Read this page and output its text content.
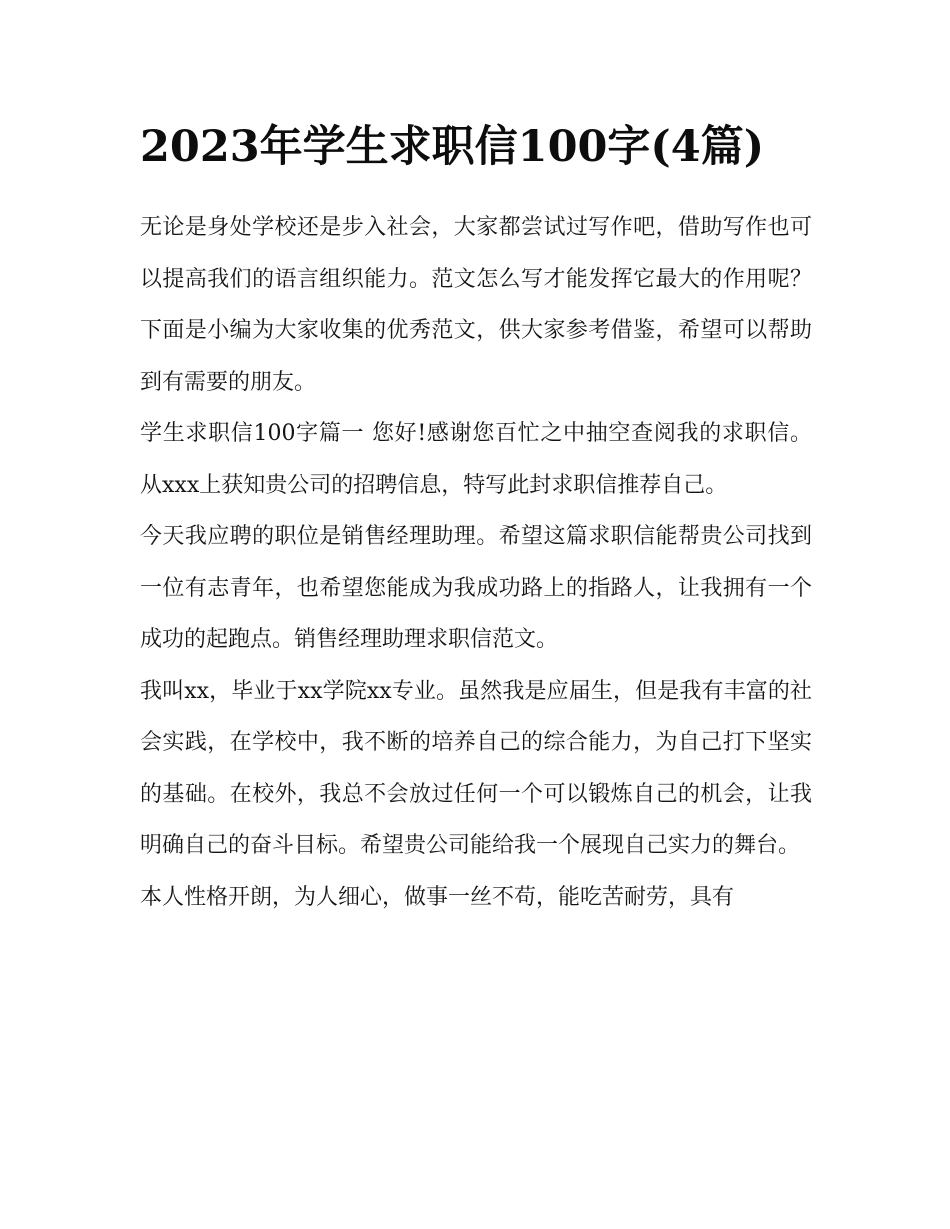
2023年学生求职信100字(4篇)

无论是身处学校还是步入社会，大家都尝试过写作吧，借助写作也可以提高我们的语言组织能力。范文怎么写才能发挥它最大的作用呢？下面是小编为大家收集的优秀范文，供大家参考借鉴，希望可以帮助到有需要的朋友。

学生求职信100字篇一 您好!感谢您百忙之中抽空查阅我的求职信。从xxx上获知贵公司的招聘信息，特写此封求职信推荐自己。

今天我应聘的职位是销售经理助理。希望这篇求职信能帮贵公司找到一位有志青年，也希望您能成为我成功路上的指路人，让我拥有一个成功的起跑点。销售经理助理求职信范文。

我叫xx，毕业于xx学院xx专业。虽然我是应届生，但是我有丰富的社会实践，在学校中，我不断的培养自己的综合能力，为自己打下坚实的基础。在校外，我总不会放过任何一个可以锻炼自己的机会，让我明确自己的奋斗目标。希望贵公司能给我一个展现自己实力的舞台。

本人性格开朗，为人细心，做事一丝不苟，能吃苦耐劳，具有
